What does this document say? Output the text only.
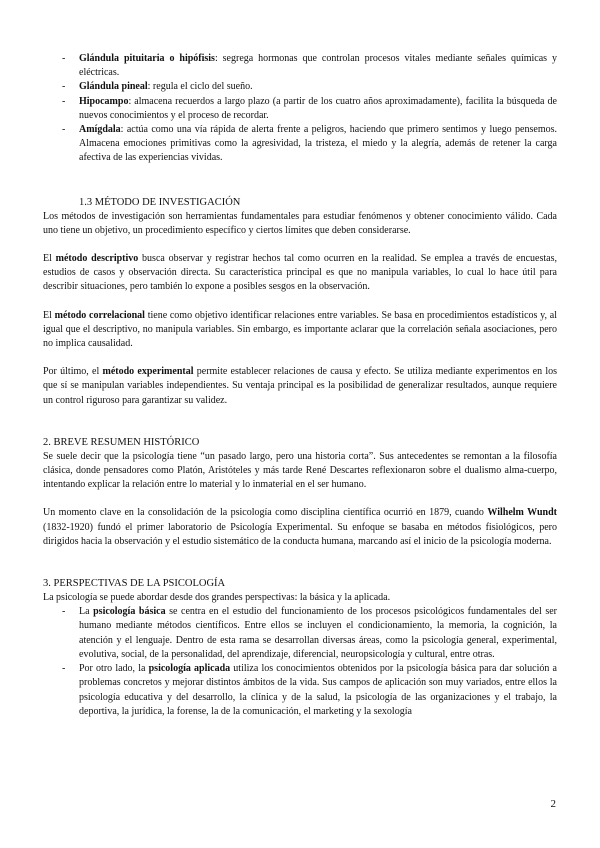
- Glándula pituitaria o hipófisis: segrega hormonas que controlan procesos vitales mediante señales químicas y eléctricas.
- Glándula pineal: regula el ciclo del sueño.
- Hipocampo: almacena recuerdos a largo plazo (a partir de los cuatro años aproximadamente), facilita la búsqueda de nuevos conocimientos y el proceso de recordar.
- Amígdala: actúa como una vía rápida de alerta frente a peligros, haciendo que primero sentimos y luego pensemos. Almacena emociones primitivas como la agresividad, la tristeza, el miedo y la alegría, además de retener la carga afectiva de las experiencias vividas.
1.3 MÉTODO DE INVESTIGACIÓN

Los métodos de investigación son herramientas fundamentales para estudiar fenómenos y obtener conocimiento válido. Cada uno tiene un objetivo, un procedimiento específico y ciertos límites que deben considerarse.

El método descriptivo busca observar y registrar hechos tal como ocurren en la realidad. Se emplea a través de encuestas, estudios de casos y observación directa. Su característica principal es que no manipula variables, lo cual lo hace útil para describir situaciones, pero también lo expone a posibles sesgos en la observación.

El método correlacional tiene como objetivo identificar relaciones entre variables. Se basa en procedimientos estadísticos y, al igual que el descriptivo, no manipula variables. Sin embargo, es importante aclarar que la correlación señala asociaciones, pero no implica causalidad.

Por último, el método experimental permite establecer relaciones de causa y efecto. Se utiliza mediante experimentos en los que sí se manipulan variables independientes. Su ventaja principal es la posibilidad de generalizar resultados, aunque requiere un control riguroso para garantizar su validez.

2. BREVE RESUMEN HISTÓRICO

Se suele decir que la psicología tiene “un pasado largo, pero una historia corta”. Sus antecedentes se remontan a la filosofía clásica, donde pensadores como Platón, Aristóteles y más tarde René Descartes reflexionaron sobre el dualismo alma-cuerpo, intentando explicar la relación entre lo material y lo inmaterial en el ser humano.

Un momento clave en la consolidación de la psicología como disciplina científica ocurrió en 1879, cuando Wilhelm Wundt (1832-1920) fundó el primer laboratorio de Psicología Experimental. Su enfoque se basaba en métodos fisiológicos, pero dirigidos hacia la observación y el estudio sistemático de la conducta humana, marcando así el inicio de la psicología moderna.

3. PERSPECTIVAS DE LA PSICOLOGÍA

La psicología se puede abordar desde dos grandes perspectivas: la básica y la aplicada.

- La psicología básica se centra en el estudio del funcionamiento de los procesos psicológicos fundamentales del ser humano mediante métodos científicos. Entre ellos se incluyen el condicionamiento, la memoria, la cognición, la atención y el lenguaje. Dentro de esta rama se desarrollan diversas áreas, como la psicología general, experimental, evolutiva, social, de la personalidad, del aprendizaje, diferencial, neuropsicología y cultural, entre otras.
- Por otro lado, la psicología aplicada utiliza los conocimientos obtenidos por la psicología básica para dar solución a problemas concretos y mejorar distintos ámbitos de la vida. Sus campos de aplicación son muy variados, entre ellos la psicología educativa y del desarrollo, la clínica y de la salud, la psicología de las organizaciones y el trabajo, la deportiva, la jurídica, la forense, la de la comunicación, el marketing y la sexología
2
